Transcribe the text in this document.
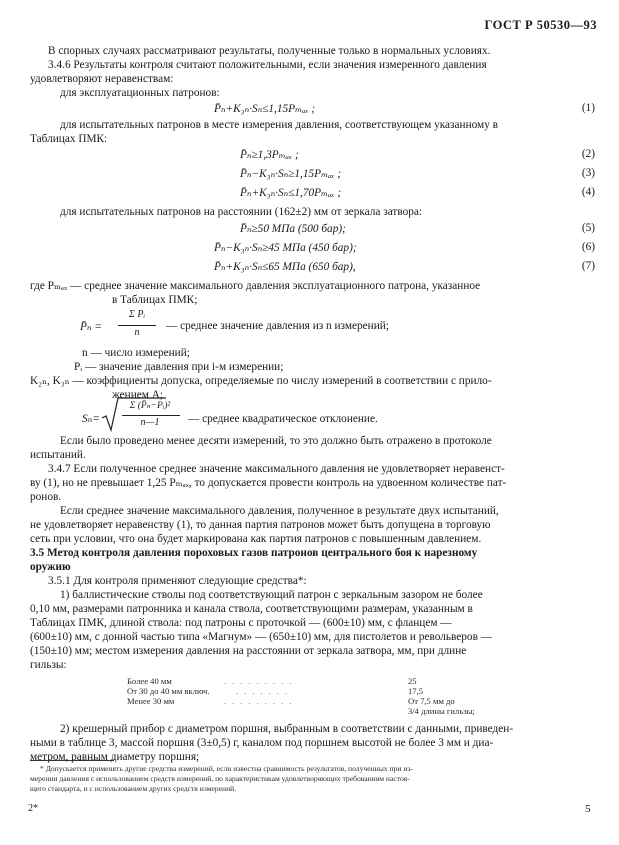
ГОСТ Р 50530—93
В спорных случаях рассматривают результаты, полученные только в нормальных условиях.
3.4.6 Результаты контроля считают положительными, если значения измеренного давления
удовлетворяют неравенствам:
для эксплуатационных патронов:
P̄ₙ+K₃ₙ·Sₙ≤1,15Pₘₐₓ ;	(1)
для испытательных патронов в месте измерения давления, соответствующем указанному в
Таблицах ПМК:
P̄ₙ≥1,3Pₘₐₓ ;	(2)
P̄ₙ−K₃ₙ·Sₙ≥1,15Pₘₐₓ ;	(3)
P̄ₙ+K₃ₙ·Sₙ≤1,70Pₘₐₓ ;	(4)
для испытательных патронов на расстоянии (162±2) мм от зеркала затвора:
P̄ₙ≥50 МПа (500 бар);	(5)
P̄ₙ−K₃ₙ·Sₙ≥45 МПа (450 бар);	(6)
P̄ₙ+K₃ₙ·Sₙ≤65 МПа (650 бар),	(7)
где Pₘₐₓ — среднее значение максимального давления эксплуатационного патрона, указанное
в Таблицах ПМК;
P̄ₙ =
Σ Pᵢ
n
— среднее значение давления из n измерений;
n — число измерений;
Pᵢ — значение давления при i-м измерении;
K₂ₙ, K₃ₙ — коэффициенты допуска, определяемые по числу измерений в соответствии с прило-
жением А;
Sₙ=
Σ (P̄ₙ−Pᵢ)²
n—1	— среднее квадратическое отклонение.
Если было проведено менее десяти измерений, то это должно быть отражено в протоколе
испытаний.
3.4.7 Если полученное среднее значение максимального давления не удовлетворяет неравенст-
ву (1), но не превышает 1,25 Pₘₐₓ, то допускается провести контроль на удвоенном количестве пат-
ронов.
Если среднее значение максимального давления, полученное в результате двух испытаний,
не удовлетворяет неравенству (1), то данная партия патронов может быть допущена в торговую
сеть при условии, что она будет маркирована как партия патронов с повышенным давлением.
3.5 Метод контроля давления пороховых газов патронов центрального боя к нарезному
оружию
3.5.1 Для контроля применяют следующие средства*:
1) баллистические стволы под соответствующий патрон с зеркальным зазором не более
0,10 мм, размерами патронника и канала ствола, соответствующими размерам, указанным в
Таблицах ПМК, длиной ствола: под патроны с проточкой — (600±10) мм, с фланцем —
(600±10) мм, с донной частью типа «Магнум» — (650±10) мм, для пистолетов и револьверов —
(150±10) мм; местом измерения давления на расстоянии от зеркала затвора, мм, при длине
гильзы:
Более 40 мм	.........	25
От 30 до 40 мм включ.	.......	17,5
Менее 30 мм	.........	От 7,5 мм до
3/4 длины гильзы;
2) крешерный прибор с диаметром поршня, выбранным в соответствии с данными, приведен-
ными в таблице 3, массой поршня (3±0,5) г, каналом под поршнем высотой не более 3 мм и диа-
метром, равным диаметру поршня;
* Допускается применять другие средства измерений, если известна сравнимость результатов, полученных при из-
мерении давления с использованием средств измерений, по характеристикам удовлетворяющих требованиям настоя-
щего стандарта, и с использованием других средств измерений.
2*	5
